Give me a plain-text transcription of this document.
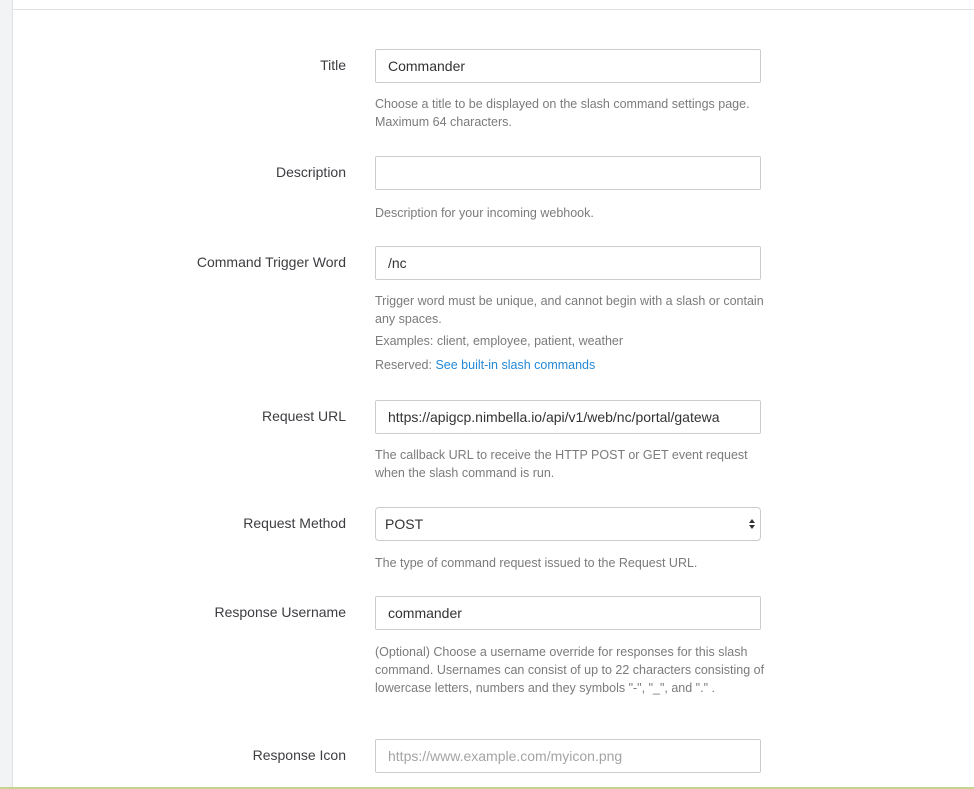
Title	Commander

Choose a title to be displayed on the slash command settings page. Maximum 64 characters.

Description

Description for your incoming webhook.

Command Trigger Word	/nc

Trigger word must be unique, and cannot begin with a slash or contain any spaces.

Examples: client, employee, patient, weather

Reserved: See built-in slash commands

Request URL	https://apigcp.nimbella.io/api/v1/web/nc/portal/gatewa

The callback URL to receive the HTTP POST or GET event request when the slash command is run.

Request Method	POST

The type of command request issued to the Request URL.

Response Username	commander

(Optional) Choose a username override for responses for this slash command. Usernames can consist of up to 22 characters consisting of lowercase letters, numbers and they symbols "-", "_", and "." .

Response Icon	https://www.example.com/myicon.png
